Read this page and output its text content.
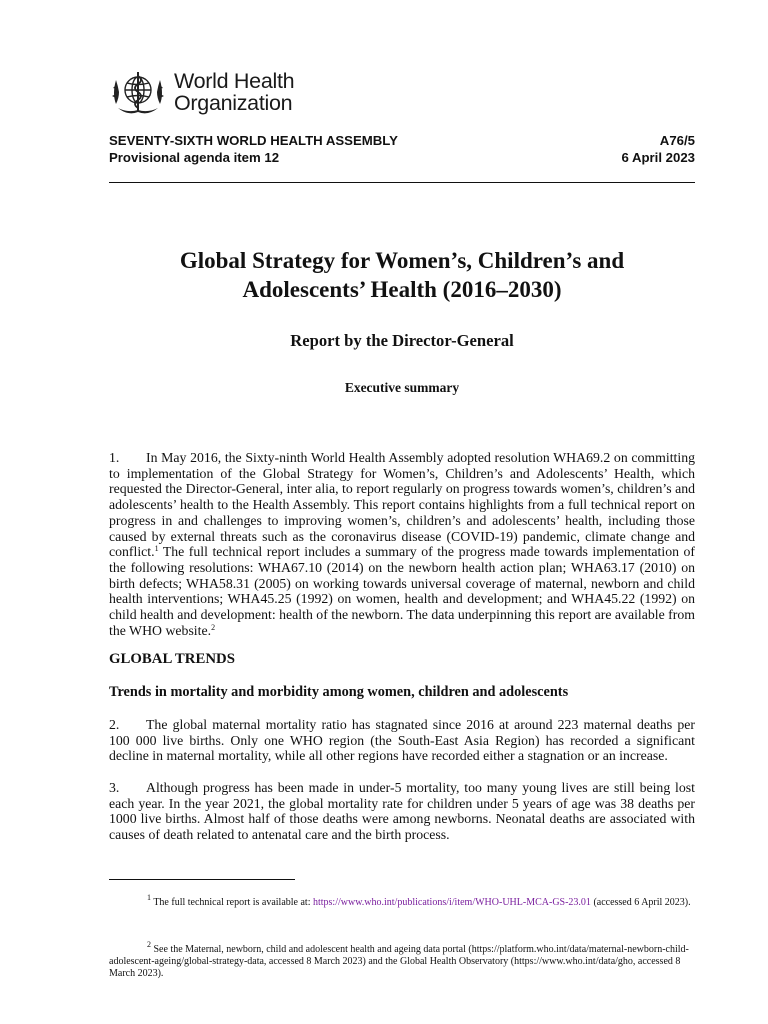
World Health
Organization
SEVENTY-SIXTH WORLD HEALTH ASSEMBLY	A76/5
Provisional agenda item 12	6 April 2023
Global Strategy for Women’s, Children’s and
Adolescents’ Health (2016–2030)
Report by the Director-General
Executive summary
1. In May 2016, the Sixty-ninth World Health Assembly adopted resolution WHA69.2 on committing to implementation of the Global Strategy for Women’s, Children’s and Adolescents’ Health, which requested the Director-General, inter alia, to report regularly on progress towards women’s, children’s and adolescents’ health to the Health Assembly. This report contains highlights from a full technical report on progress in and challenges to improving women’s, children’s and adolescents’ health, including those caused by external threats such as the coronavirus disease (COVID-19) pandemic, climate change and conflict.$^1$ The full technical report includes a summary of the progress made towards implementation of the following resolutions: WHA67.10 (2014) on the newborn health action plan; WHA63.17 (2010) on birth defects; WHA58.31 (2005) on working towards universal coverage of maternal, newborn and child health interventions; WHA45.25 (1992) on women, health and development; and WHA45.22 (1992) on child health and development: health of the newborn. The data underpinning this report are available from the WHO website.$^2$
GLOBAL TRENDS
Trends in mortality and morbidity among women, children and adolescents
2. The global maternal mortality ratio has stagnated since 2016 at around 223 maternal deaths per 100 000 live births. Only one WHO region (the South-East Asia Region) has recorded a significant decline in maternal mortality, while all other regions have recorded either a stagnation or an increase.
3. Although progress has been made in under-5 mortality, too many young lives are still being lost each year. In the year 2021, the global mortality rate for children under 5 years of age was 38 deaths per 1000 live births. Almost half of those deaths were among newborns. Neonatal deaths are associated with causes of death related to antenatal care and the birth process.
$^1$ The full technical report is available at: https://www.who.int/publications/i/item/WHO-UHL-MCA-GS-23.01 (accessed 6 April 2023).
$^2$ See the Maternal, newborn, child and adolescent health and ageing data portal (https://platform.who.int/data/maternal-newborn-child-adolescent-ageing/global-strategy-data, accessed 8 March 2023) and the Global Health Observatory (https://www.who.int/data/gho, accessed 8 March 2023).
